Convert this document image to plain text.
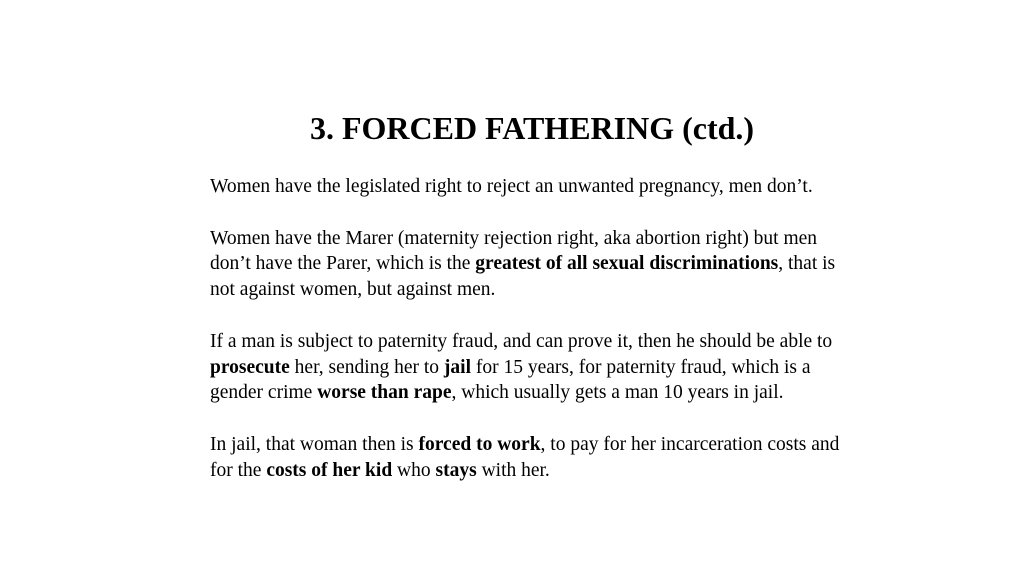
3. FORCED FATHERING (ctd.)

Women have the legislated right to reject an unwanted pregnancy, men don’t.

Women have the Marer (maternity rejection right, aka abortion right) but men don’t have the Parer, which is the greatest of all sexual discriminations, that is not against women, but against men.

If a man is subject to paternity fraud, and can prove it, then he should be able to prosecute her, sending her to jail for 15 years, for paternity fraud, which is a gender crime worse than rape, which usually gets a man 10 years in jail.

In jail, that woman then is forced to work, to pay for her incarceration costs and for the costs of her kid who stays with her.
